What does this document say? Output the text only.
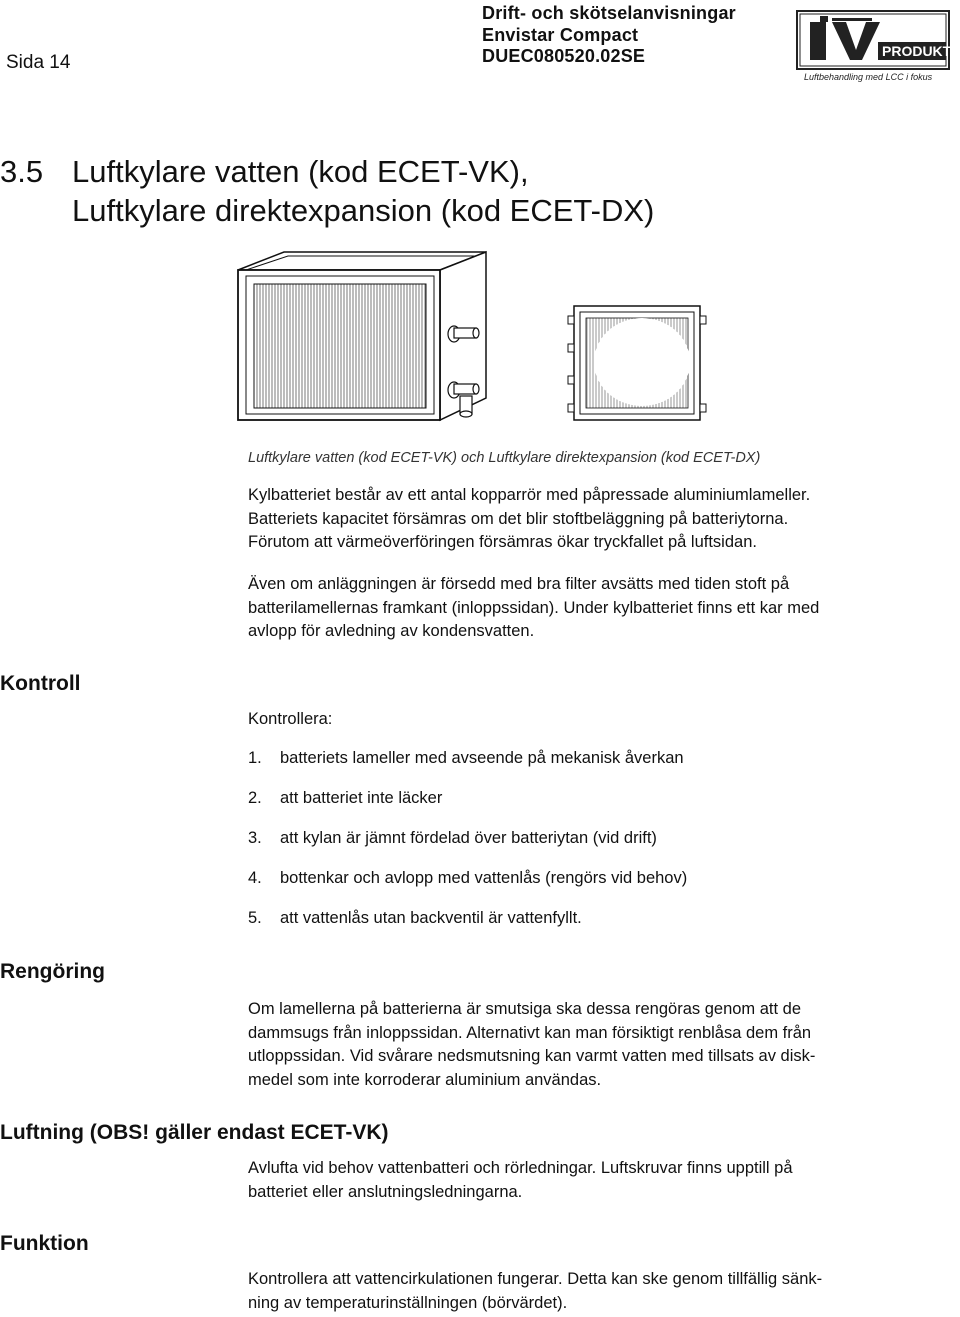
Sida 14
Drift- och skötselanvisningar
Envistar Compact
DUEC080520.02SE	PRODUKT
Luftbehandling med LCC i fokus
3.5 Luftkylare vatten (kod ECET-VK),
Luftkylare direktexpansion (kod ECET-DX)
Luftkylare vatten (kod ECET-VK) och Luftkylare direktexpansion (kod ECET-DX)
Kylbatteriet består av ett antal kopparrör med påpressade aluminiumlameller.
Batteriets kapacitet försämras om det blir stoftbeläggning på batteriytorna.
Förutom att värmeöverföringen försämras ökar tryckfallet på luftsidan.
Även om anläggningen är försedd med bra filter avsätts med tiden stoft på
batterilamellernas framkant (inloppssidan). Under kylbatteriet finns ett kar med
avlopp för avledning av kondensvatten.
Kontroll
Kontrollera:
1.	batteriets lameller med avseende på mekanisk åverkan
2.	att batteriet inte läcker
3.	att kylan är jämnt fördelad över batteriytan (vid drift)
4.	bottenkar och avlopp med vattenlås (rengörs vid behov)
5.	att vattenlås utan backventil är vattenfyllt.
Rengöring
Om lamellerna på batterierna är smutsiga ska dessa rengöras genom att de
dammsugs från inloppssidan. Alternativt kan man försiktigt renblåsa dem från
utloppssidan. Vid svårare nedsmutsning kan varmt vatten med tillsats av disk-
medel som inte korroderar aluminium användas.
Luftning (OBS! gäller endast ECET-VK)
Avlufta vid behov vattenbatteri och rörledningar. Luftskruvar finns upptill på
batteriet eller anslutningsledningarna.
Funktion
Kontrollera att vattencirkulationen fungerar. Detta kan ske genom tillfällig sänk-
ning av temperaturinställningen (börvärdet).
